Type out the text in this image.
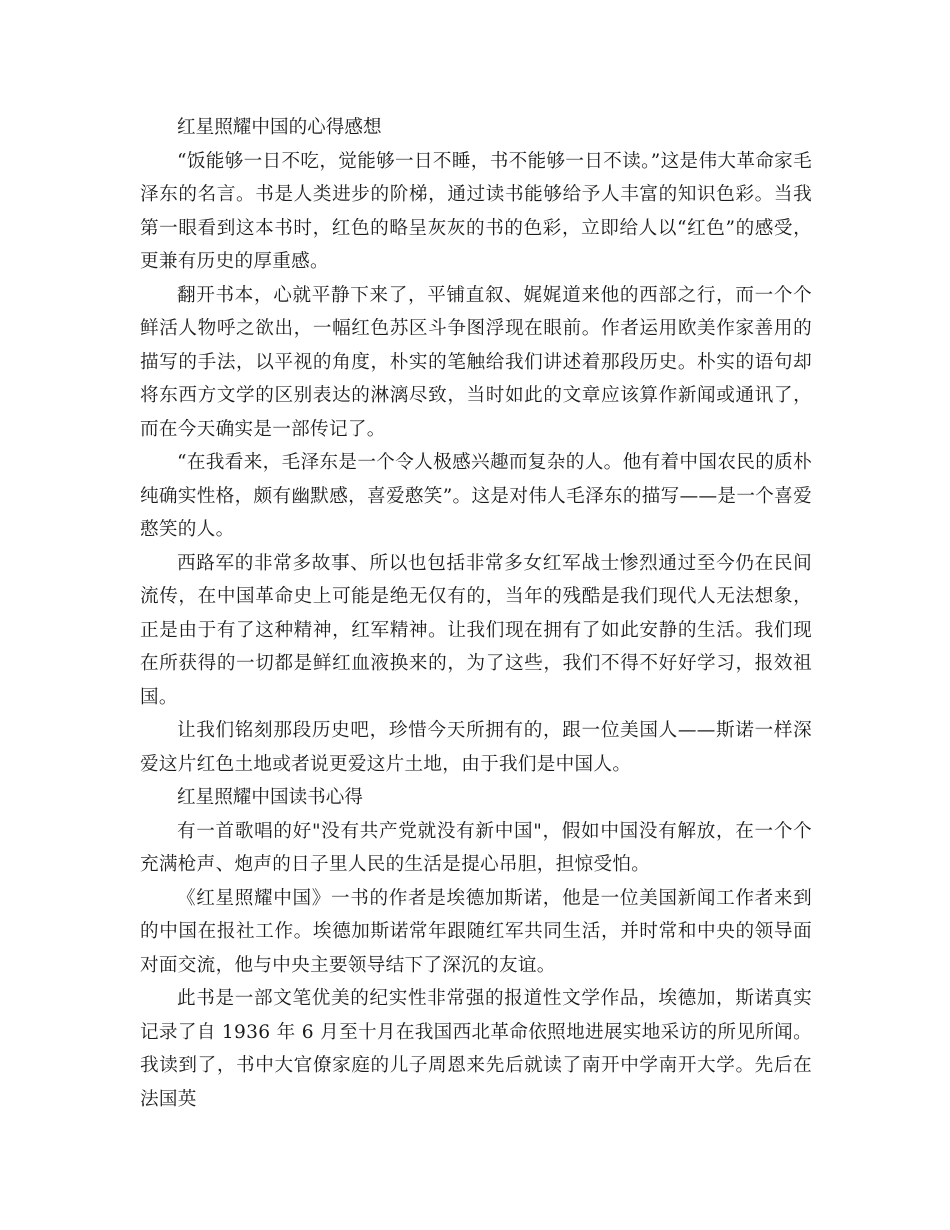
红星照耀中国的心得感想

“饭能够一日不吃，觉能够一日不睡，书不能够一日不读。”这是伟大革命家毛泽东的名言。书是人类进步的阶梯，通过读书能够给予人丰富的知识色彩。当我第一眼看到这本书时，红色的略呈灰灰的书的色彩，立即给人以“红色”的感受，更兼有历史的厚重感。

翻开书本，心就平静下来了，平铺直叙、娓娓道来他的西部之行，而一个个鲜活人物呼之欲出，一幅红色苏区斗争图浮现在眼前。作者运用欧美作家善用的描写的手法，以平视的角度，朴实的笔触给我们讲述着那段历史。朴实的语句却将东西方文学的区别表达的淋漓尽致，当时如此的文章应该算作新闻或通讯了，而在今天确实是一部传记了。

“在我看来，毛泽东是一个令人极感兴趣而复杂的人。他有着中国农民的质朴纯确实性格，颇有幽默感，喜爱憨笑”。这是对伟人毛泽东的描写——是一个喜爱憨笑的人。

西路军的非常多故事、所以也包括非常多女红军战士惨烈通过至今仍在民间流传，在中国革命史上可能是绝无仅有的，当年的残酷是我们现代人无法想象，正是由于有了这种精神，红军精神。让我们现在拥有了如此安静的生活。我们现在所获得的一切都是鲜红血液换来的，为了这些，我们不得不好好学习，报效祖国。

让我们铭刻那段历史吧，珍惜今天所拥有的，跟一位美国人——斯诺一样深爱这片红色土地或者说更爱这片土地，由于我们是中国人。

红星照耀中国读书心得

有一首歌唱的好"没有共产党就没有新中国"，假如中国没有解放，在一个个充满枪声、炮声的日子里人民的生活是提心吊胆，担惊受怕。

《红星照耀中国》一书的作者是埃德加斯诺，他是一位美国新闻工作者来到的中国在报社工作。埃德加斯诺常年跟随红军共同生活，并时常和中央的领导面对面交流，他与中央主要领导结下了深沉的友谊。

此书是一部文笔优美的纪实性非常强的报道性文学作品，埃德加，斯诺真实记录了自 1936 年 6 月至十月在我国西北革命依照地进展实地采访的所见所闻。我读到了，书中大官僚家庭的儿子周恩来先后就读了南开中学南开大学。先后在法国英
